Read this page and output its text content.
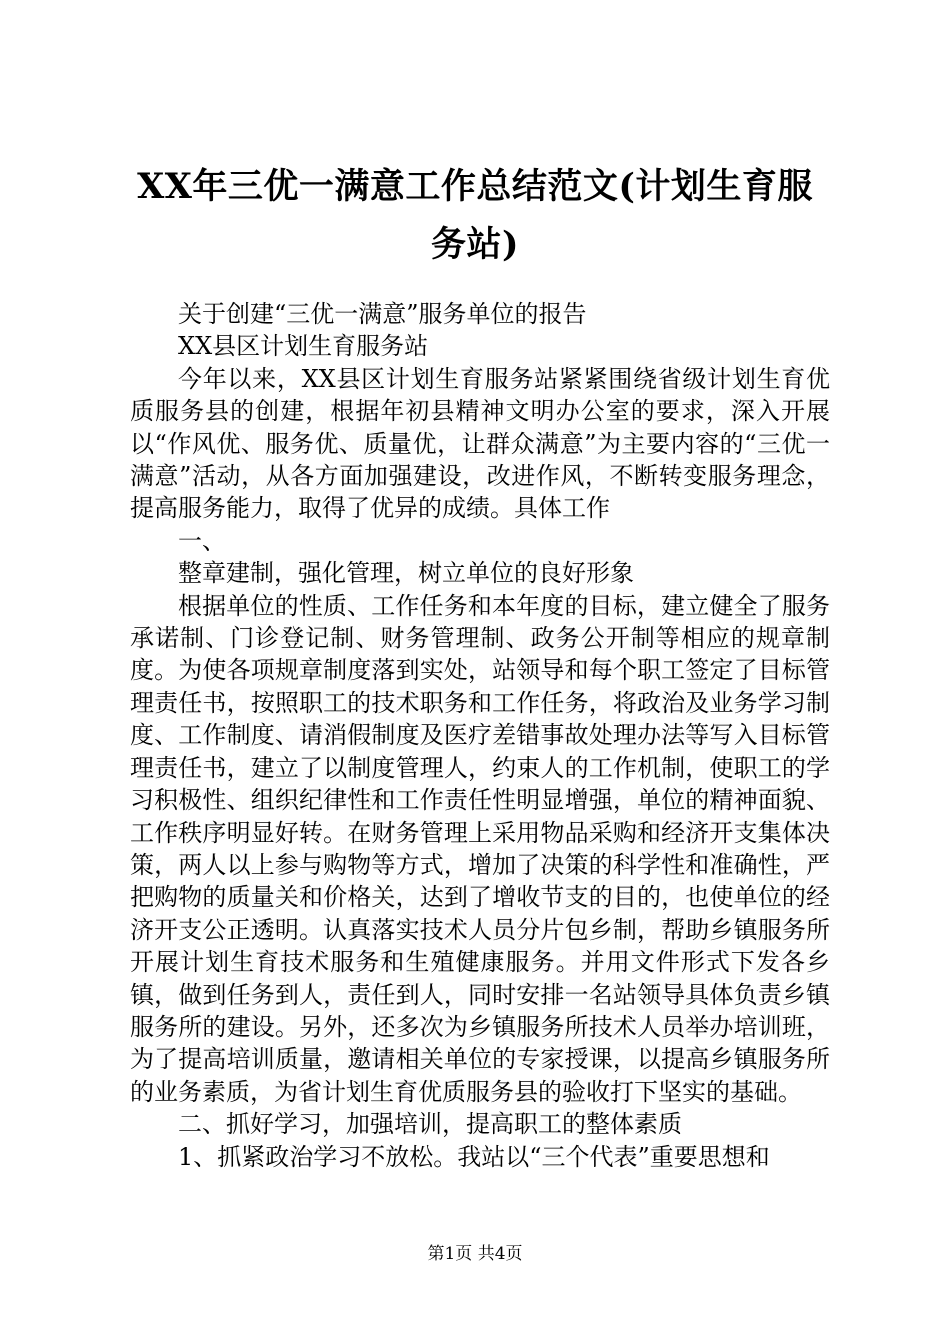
XX年三优一满意工作总结范文(计划生育服务站)

关于创建“三优一满意”服务单位的报告

XX县区计划生育服务站

今年以来，XX县区计划生育服务站紧紧围绕省级计划生育优质服务县的创建，根据年初县精神文明办公室的要求，深入开展以“作风优、服务优、质量优，让群众满意”为主要内容的“三优一满意”活动，从各方面加强建设，改进作风，不断转变服务理念，提高服务能力，取得了优异的成绩。具体工作

一、

整章建制，强化管理，树立单位的良好形象

根据单位的性质、工作任务和本年度的目标，建立健全了服务承诺制、门诊登记制、财务管理制、政务公开制等相应的规章制度。为使各项规章制度落到实处，站领导和每个职工签定了目标管理责任书，按照职工的技术职务和工作任务，将政治及业务学习制度、工作制度、请消假制度及医疗差错事故处理办法等写入目标管理责任书，建立了以制度管理人，约束人的工作机制，使职工的学习积极性、组织纪律性和工作责任性明显增强，单位的精神面貌、工作秩序明显好转。在财务管理上采用物品采购和经济开支集体决策，两人以上参与购物等方式，增加了决策的科学性和准确性，严把购物的质量关和价格关，达到了增收节支的目的，也使单位的经济开支公正透明。认真落实技术人员分片包乡制，帮助乡镇服务所开展计划生育技术服务和生殖健康服务。并用文件形式下发各乡镇，做到任务到人，责任到人，同时安排一名站领导具体负责乡镇服务所的建设。另外，还多次为乡镇服务所技术人员举办培训班，为了提高培训质量，邀请相关单位的专家授课，以提高乡镇服务所的业务素质，为省计划生育优质服务县的验收打下坚实的基础。

二、抓好学习，加强培训，提高职工的整体素质

1、抓紧政治学习不放松。我站以“三个代表”重要思想和

第1页 共4页
